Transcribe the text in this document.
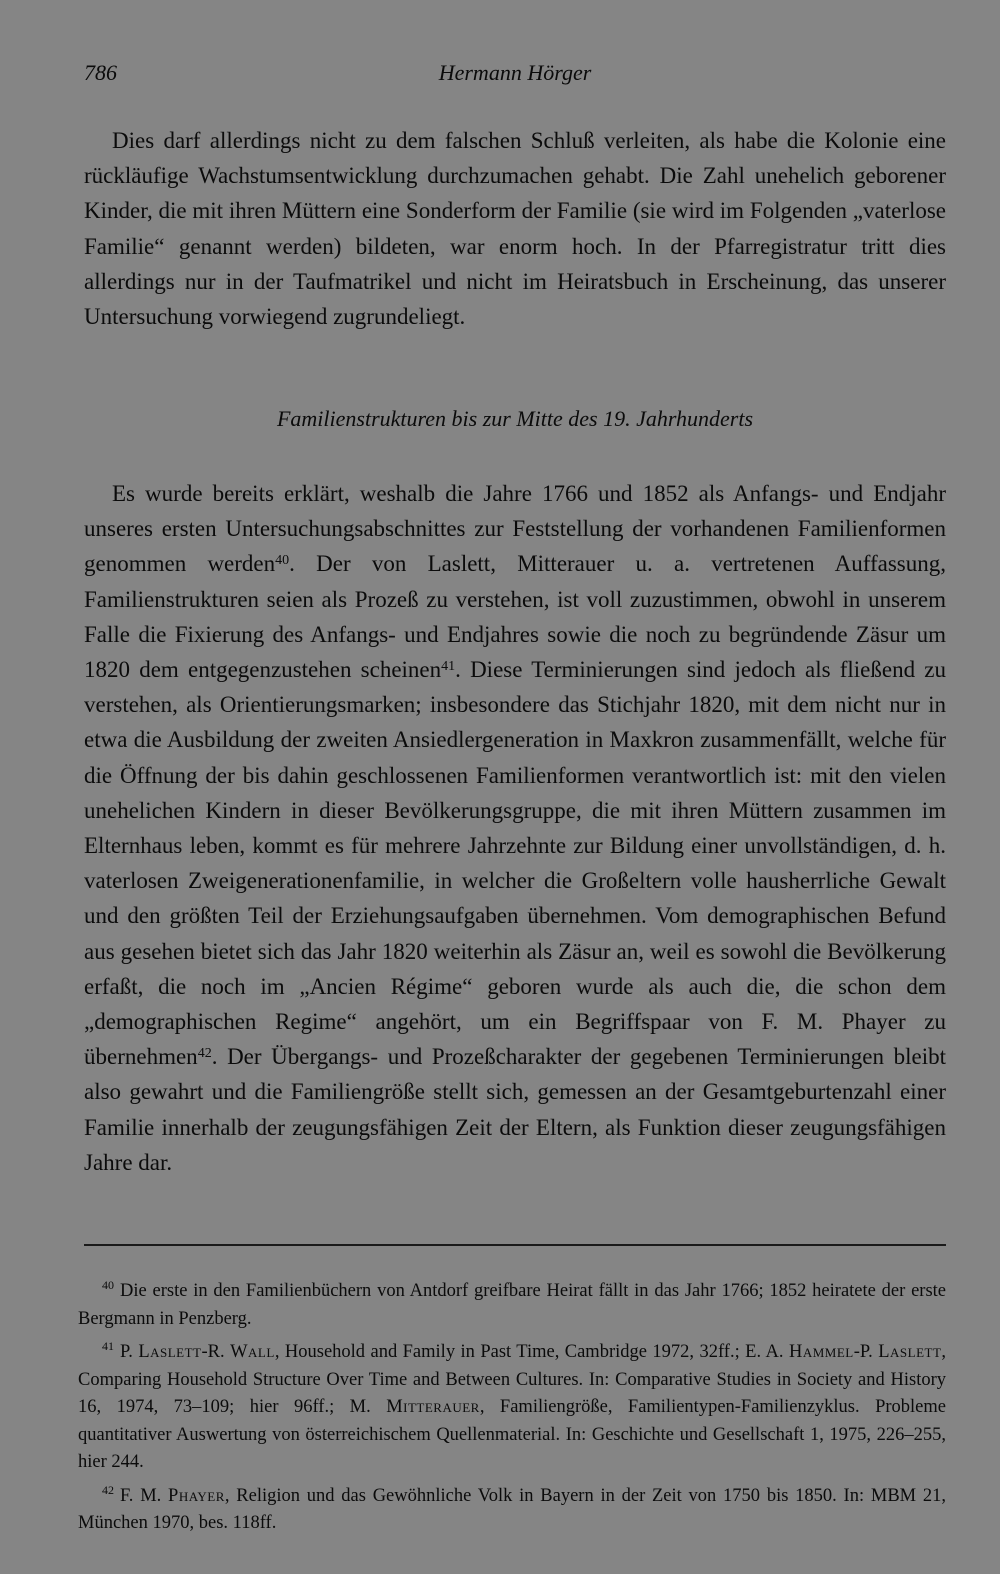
786	Hermann Hörger

Dies darf allerdings nicht zu dem falschen Schluß verleiten, als habe die Kolonie eine rückläufige Wachstumsentwicklung durchzumachen gehabt. Die Zahl unehelich geborener Kinder, die mit ihren Müttern eine Sonderform der Familie (sie wird im Folgenden „vaterlose Familie“ genannt werden) bildeten, war enorm hoch. In der Pfarregistratur tritt dies allerdings nur in der Taufmatrikel und nicht im Heiratsbuch in Erscheinung, das unserer Untersuchung vorwiegend zugrundeliegt.

Familienstrukturen bis zur Mitte des 19. Jahrhunderts

Es wurde bereits erklärt, weshalb die Jahre 1766 und 1852 als Anfangs- und Endjahr unseres ersten Untersuchungsabschnittes zur Feststellung der vorhandenen Familienformen genommen werden$^{40}$. Der von Laslett, Mitterauer u. a. vertretenen Auffassung, Familienstrukturen seien als Prozeß zu verstehen, ist voll zuzustimmen, obwohl in unserem Falle die Fixierung des Anfangs- und Endjahres sowie die noch zu begründende Zäsur um 1820 dem entgegenzustehen scheinen$^{41}$. Diese Terminierungen sind jedoch als fließend zu verstehen, als Orientierungsmarken; insbesondere das Stichjahr 1820, mit dem nicht nur in etwa die Ausbildung der zweiten Ansiedlergeneration in Maxkron zusammenfällt, welche für die Öffnung der bis dahin geschlossenen Familienformen verantwortlich ist: mit den vielen unehelichen Kindern in dieser Bevölkerungsgruppe, die mit ihren Müttern zusammen im Elternhaus leben, kommt es für mehrere Jahrzehnte zur Bildung einer unvollständigen, d. h. vaterlosen Zweigenerationenfamilie, in welcher die Großeltern volle hausherrliche Gewalt und den größten Teil der Erziehungsaufgaben übernehmen. Vom demographischen Befund aus gesehen bietet sich das Jahr 1820 weiterhin als Zäsur an, weil es sowohl die Bevölkerung erfaßt, die noch im „Ancien Régime“ geboren wurde als auch die, die schon dem „demographischen Regime“ angehört, um ein Begriffspaar von F. M. Phayer zu übernehmen$^{42}$. Der Übergangs- und Prozeßcharakter der gegebenen Terminierungen bleibt also gewahrt und die Familiengröße stellt sich, gemessen an der Gesamtgeburtenzahl einer Familie innerhalb der zeugungsfähigen Zeit der Eltern, als Funktion dieser zeugungsfähigen Jahre dar.

$^{40}$ Die erste in den Familienbüchern von Antdorf greifbare Heirat fällt in das Jahr 1766; 1852 heiratete der erste Bergmann in Penzberg.

$^{41}$ P. Laslett-R. Wall, Household and Family in Past Time, Cambridge 1972, 32ff.; E. A. Hammel-P. Laslett, Comparing Household Structure Over Time and Between Cultures. In: Comparative Studies in Society and History 16, 1974, 73–109; hier 96ff.; M. Mitterauer, Familiengröße, Familientypen-Familienzyklus. Probleme quantitativer Auswertung von österreichischem Quellenmaterial. In: Geschichte und Gesellschaft 1, 1975, 226–255, hier 244.

$^{42}$ F. M. Phayer, Religion und das Gewöhnliche Volk in Bayern in der Zeit von 1750 bis 1850. In: MBM 21, München 1970, bes. 118ff.
